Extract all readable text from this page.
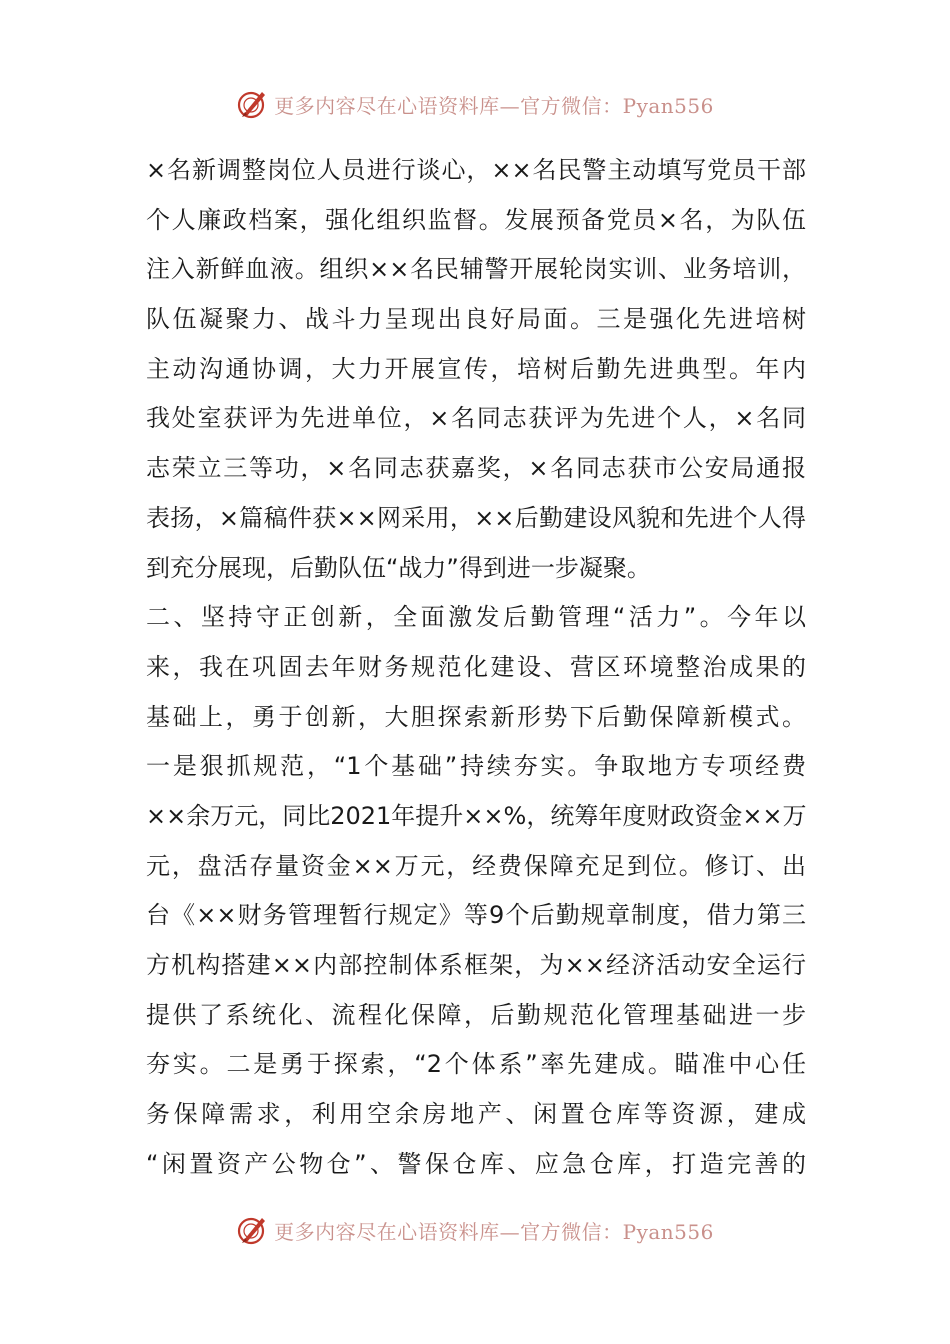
更多内容尽在心语资料库—官方微信：Pyan556
×名新调整岗位人员进行谈心，××名民警主动填写党员干部
个人廉政档案，强化组织监督。发展预备党员×名，为队伍
注入新鲜血液。组织××名民辅警开展轮岗实训、业务培训，
队伍凝聚力、战斗力呈现出良好局面。三是强化先进培树
主动沟通协调，大力开展宣传，培树后勤先进典型。年内
我处室获评为先进单位，×名同志获评为先进个人，×名同
志荣立三等功，×名同志获嘉奖，×名同志获市公安局通报
表扬，×篇稿件获××网采用，××后勤建设风貌和先进个人得
到充分展现，后勤队伍“战力”得到进一步凝聚。
二、坚持守正创新，全面激发后勤管理“活力”。今年以
来，我在巩固去年财务规范化建设、营区环境整治成果的
基础上，勇于创新，大胆探索新形势下后勤保障新模式。
一是狠抓规范，“1个基础”持续夯实。争取地方专项经费
××余万元，同比2021年提升××%，统筹年度财政资金××万
元，盘活存量资金××万元，经费保障充足到位。修订、出
台《××财务管理暂行规定》等9个后勤规章制度，借力第三
方机构搭建××内部控制体系框架，为××经济活动安全运行
提供了系统化、流程化保障，后勤规范化管理基础进一步
夯实。二是勇于探索，“2个体系”率先建成。瞄准中心任
务保障需求，利用空余房地产、闲置仓库等资源，建成
“闲置资产公物仓”、警保仓库、应急仓库，打造完善的
更多内容尽在心语资料库—官方微信：Pyan556
